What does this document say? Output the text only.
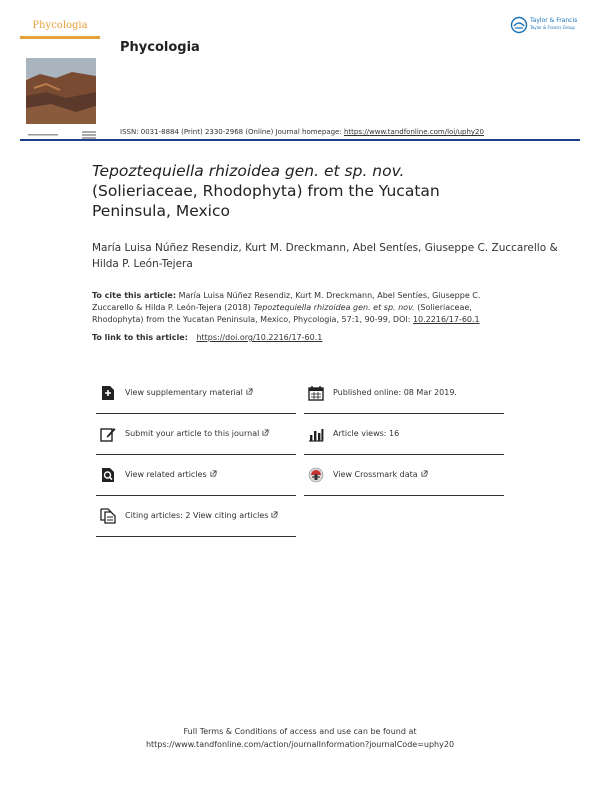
Phycologia
Phycologia
Taylor & Francis
Taylor & Francis Group
ISSN: 0031-8884 (Print) 2330-2968 (Online) Journal homepage: https://www.tandfonline.com/loi/uphy20
Tepoztequiella rhizoidea gen. et sp. nov.
(Solieriaceae, Rhodophyta) from the Yucatan
Peninsula, Mexico
María Luisa Núñez Resendiz, Kurt M. Dreckmann, Abel Sentíes, Giuseppe C. Zuccarello & Hilda P. León-Tejera
To cite this article: María Luisa Núñez Resendiz, Kurt M. Dreckmann, Abel Sentíes, Giuseppe C. Zuccarello & Hilda P. León-Tejera (2018) Tepoztequiella rhizoidea gen. et sp. nov. (Solieriaceae, Rhodophyta) from the Yucatan Peninsula, Mexico, Phycologia, 57:1, 90-99, DOI: 10.2216/17-60.1
To link to this article: https://doi.org/10.2216/17-60.1
View supplementary material	Published online: 08 Mar 2019.
Submit your article to this journal	Article views: 16
View related articles	View Crossmark data
Citing articles: 2 View citing articles
Full Terms & Conditions of access and use can be found at
https://www.tandfonline.com/action/journalInformation?journalCode=uphy20
